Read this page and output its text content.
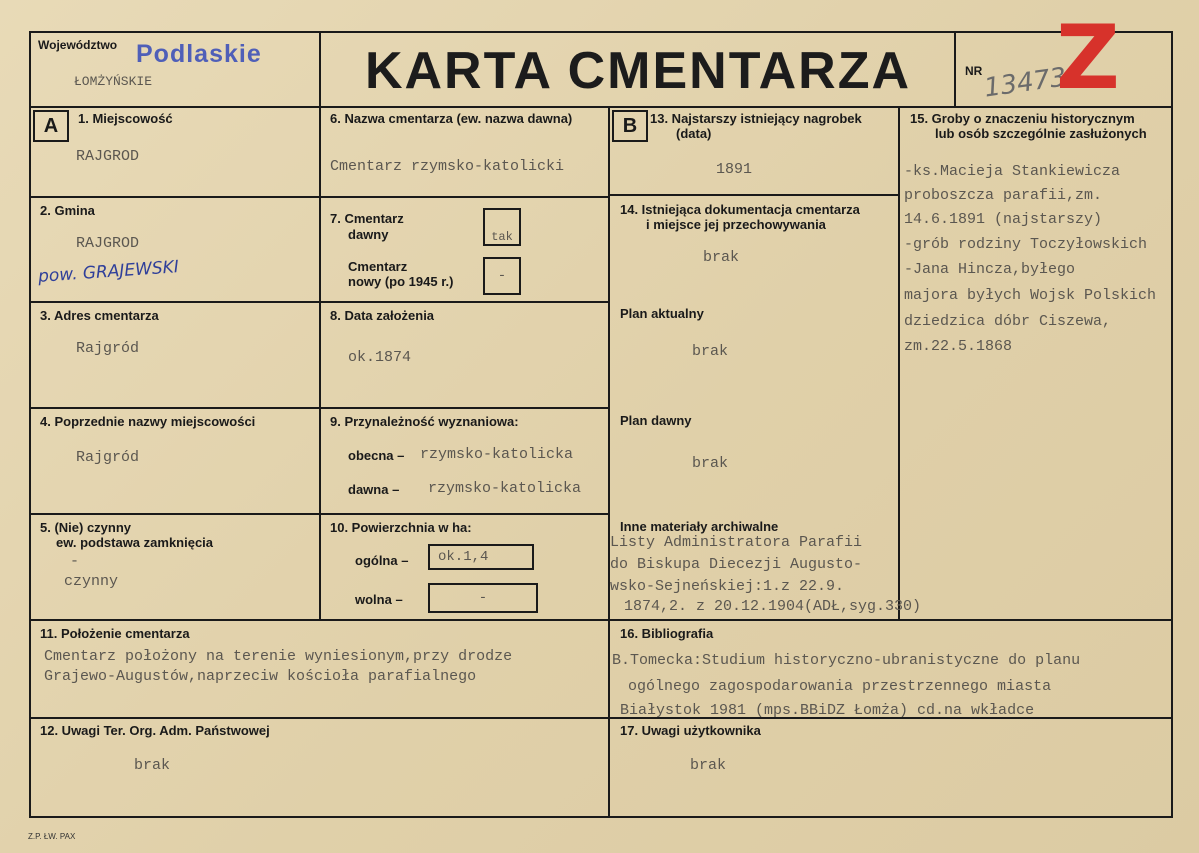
Województwo Podlaskie
ŁOMŻYŃSKIE	KARTA CMENTARZA	NR 13473
Z
A	B
1. Miejscowość
RAJGROD
2. Gmina
RAJGROD
pow. GRAJEWSKI
3. Adres cmentarza
Rajgród
4. Poprzednie nazwy miejscowości
Rajgród
5. (Nie) czynny
ew. podstawa zamknięcia
-
czynny
6. Nazwa cmentarza (ew. nazwa dawna)
Cmentarz rzymsko-katolicki
7. Cmentarz
dawny	tak
Cmentarz
nowy (po 1945 r.)	-
8. Data założenia
ok.1874
9. Przynależność wyznaniowa:
obecna – rzymsko-katolicka
dawna – rzymsko-katolicka
10. Powierzchnia w ha:
ogólna – ok.1,4
wolna –	-
13. Najstarszy istniejący nagrobek
(data)
1891
14. Istniejąca dokumentacja cmentarza
i miejsce jej przechowywania
brak
Plan aktualny
brak
Plan dawny
brak
Inne materiały archiwalne
Listy Administratora Parafii
do Biskupa Diecezji Augusto-
wsko-Sejneńskiej:1.z 22.9.
1874,2. z 20.12.1904(ADŁ,syg.330)
15. Groby o znaczeniu historycznym
lub osób szczególnie zasłużonych
-ks.Macieja Stankiewicza
proboszcza parafii,zm.
14.6.1891 (najstarszy)
-grób rodziny Toczyłowskich
-Jana Hincza,byłego
majora byłych Wojsk Polskich
dziedzica dóbr Ciszewa,
zm.22.5.1868
11. Położenie cmentarza
Cmentarz położony na terenie wyniesionym,przy drodze
Grajewo-Augustów,naprzeciw kościoła parafialnego
16. Bibliografia
B.Tomecka:Studium historyczno-ubranistyczne do planu
ogólnego zagospodarowania przestrzennego miasta
Białystok 1981 (mps.BBiDZ Łomża) cd.na wkładce
12. Uwagi Ter. Org. Adm. Państwowej
brak
17. Uwagi użytkownika
brak
Z.P. ŁW. PAX
